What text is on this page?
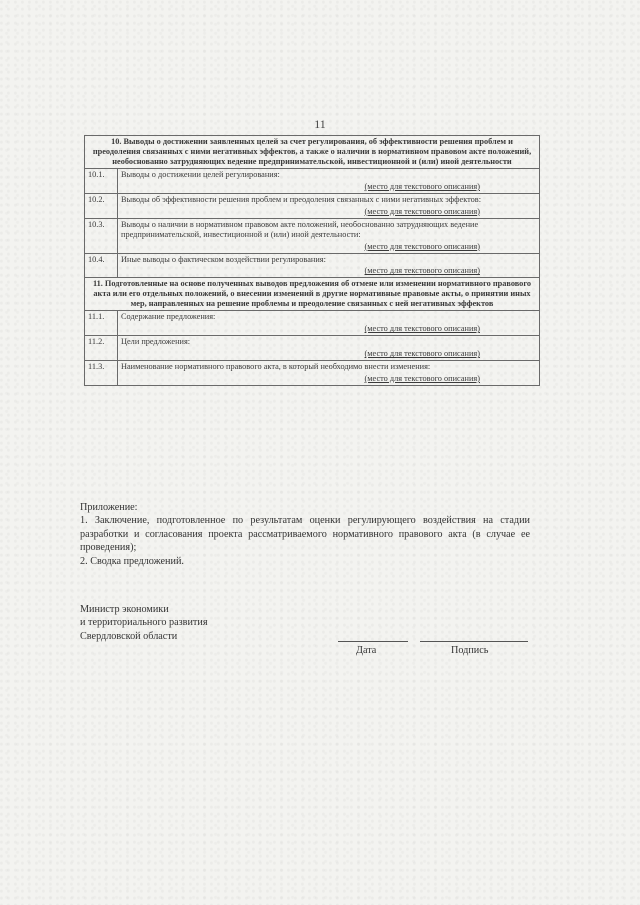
11
10. Выводы о достижении заявленных целей за счет регулирования, об эффективности решения проблем и преодоления связанных с ними негативных эффектов, а также о наличии в нормативном правовом акте положений, необоснованно затрудняющих ведение предпринимательской, инвестиционной и (или) иной деятельности	
10.1.	Выводы о достижении целей регулирования:
(место для текстового описания)

10.2.	Выводы об эффективности решения проблем и преодоления связанных с ними негативных эффектов:
(место для текстового описания)

10.3.	Выводы о наличии в нормативном правовом акте положений, необоснованно затрудняющих ведение предпринимательской, инвестиционной и (или) иной деятельности:
(место для текстового описания)

10.4.	Иные выводы о фактическом воздействии регулирования:
(место для текстового описания)

11. Подготовленные на основе полученных выводов предложения об отмене или изменении нормативного правового акта или его отдельных положений, о внесении изменений в другие нормативные правовые акты, о принятии иных мер, направленных на решение проблемы и преодоление связанных с ней негативных эффектов	
11.1.	Содержание предложения:
(место для текстового описания)

11.2.	Цели предложения:
(место для текстового описания)

11.3.	Наименование нормативного правового акта, в который необходимо внести изменения:
(место для текстового описания)

Приложение:

1. Заключение, подготовленное по результатам оценки регулирующего воздействия на стадии разработки и согласования проекта рассматриваемого нормативного правового акта (в случае ее проведения);

2. Сводка предложений.

Министр экономики
и территориального развития
Свердловской области
Дата	Подпись
